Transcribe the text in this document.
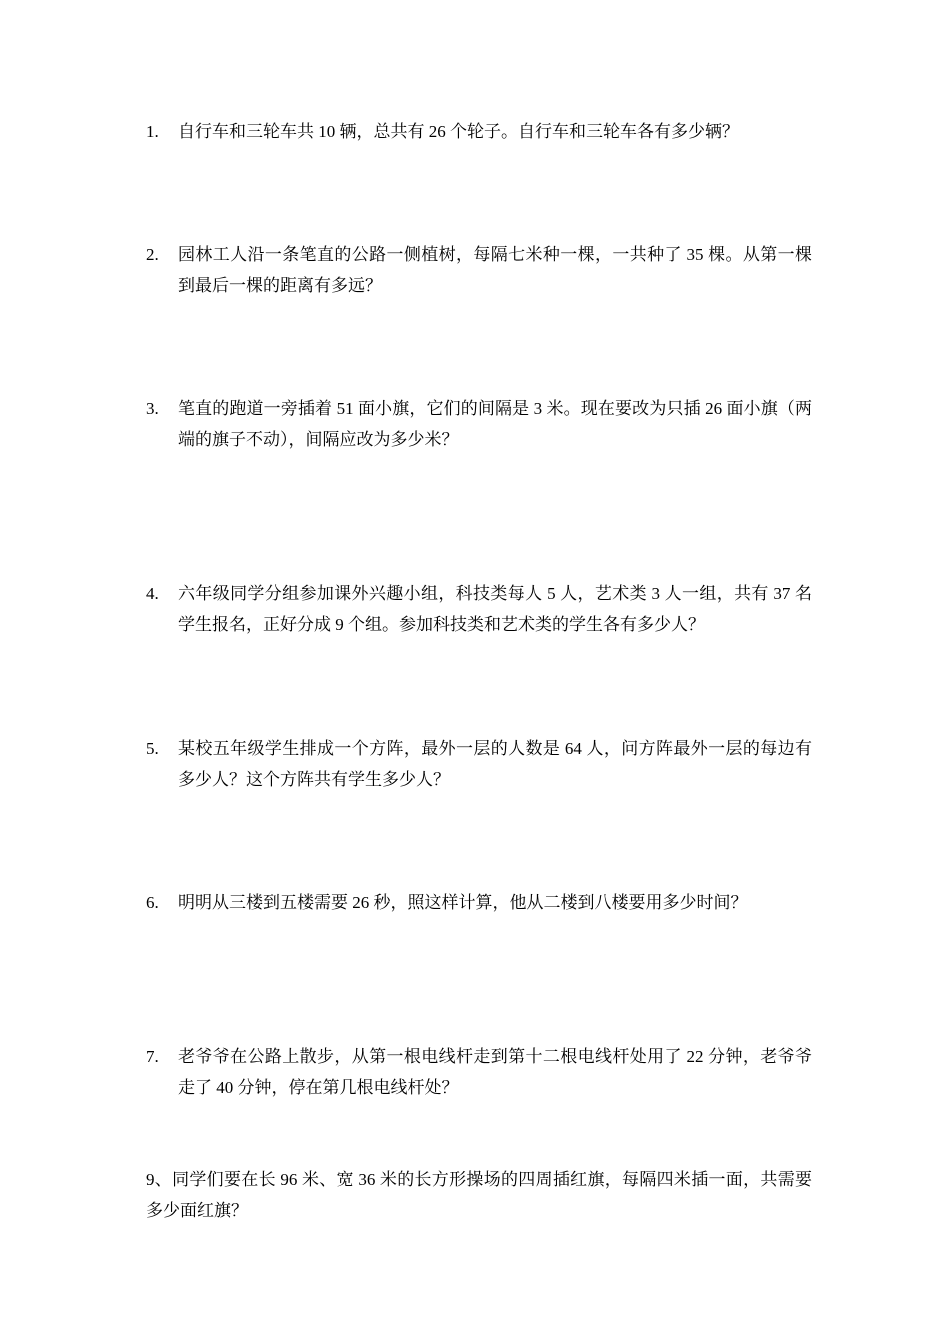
1.	自行车和三轮车共 10 辆，总共有 26 个轮子。自行车和三轮车各有多少辆？
2.	园林工人沿一条笔直的公路一侧植树，每隔七米种一棵，一共种了 35 棵。从第一棵到最后一棵的距离有多远？
3.	笔直的跑道一旁插着 51 面小旗，它们的间隔是 3 米。现在要改为只插 26 面小旗（两端的旗子不动），间隔应改为多少米？
4.	六年级同学分组参加课外兴趣小组，科技类每人 5 人，艺术类 3 人一组，共有 37 名学生报名，正好分成 9 个组。参加科技类和艺术类的学生各有多少人？
5.	某校五年级学生排成一个方阵，最外一层的人数是 64 人，问方阵最外一层的每边有多少人？这个方阵共有学生多少人？
6.	明明从三楼到五楼需要 26 秒，照这样计算，他从二楼到八楼要用多少时间？
7.	老爷爷在公路上散步，从第一根电线杆走到第十二根电线杆处用了 22 分钟，老爷爷走了 40 分钟，停在第几根电线杆处？
9、同学们要在长 96 米、宽 36 米的长方形操场的四周插红旗，每隔四米插一面，共需要多少面红旗？
